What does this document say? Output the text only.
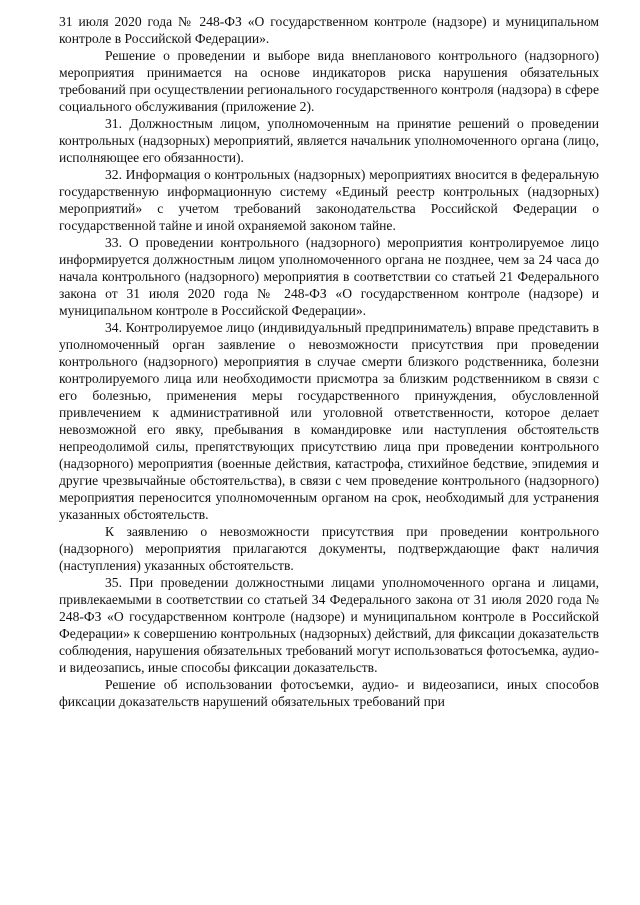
31 июля 2020 года № 248-ФЗ «О государственном контроле (надзоре) и муниципальном контроле в Российской Федерации».

Решение о проведении и выборе вида внепланового контрольного (надзорного) мероприятия принимается на основе индикаторов риска нарушения обязательных требований при осуществлении регионального государственного контроля (надзора) в сфере социального обслуживания (приложение 2).

31. Должностным лицом, уполномоченным на принятие решений о проведении контрольных (надзорных) мероприятий, является начальник уполномоченного органа (лицо, исполняющее его обязанности).

32. Информация о контрольных (надзорных) мероприятиях вносится в федеральную государственную информационную систему «Единый реестр контрольных (надзорных) мероприятий» с учетом требований законодательства Российской Федерации о государственной тайне и иной охраняемой законом тайне.

33. О проведении контрольного (надзорного) мероприятия контролируемое лицо информируется должностным лицом уполномоченного органа не позднее, чем за 24 часа до начала контрольного (надзорного) мероприятия в соответствии со статьей 21 Федерального закона от 31 июля 2020 года № 248-ФЗ «О государственном контроле (надзоре) и муниципальном контроле в Российской Федерации».

34. Контролируемое лицо (индивидуальный предприниматель) вправе представить в уполномоченный орган заявление о невозможности присутствия при проведении контрольного (надзорного) мероприятия в случае смерти близкого родственника, болезни контролируемого лица или необходимости присмотра за близким родственником в связи с его болезнью, применения меры государственного принуждения, обусловленной привлечением к административной или уголовной ответственности, которое делает невозможной его явку, пребывания в командировке или наступления обстоятельств непреодолимой силы, препятствующих присутствию лица при проведении контрольного (надзорного) мероприятия (военные действия, катастрофа, стихийное бедствие, эпидемия и другие чрезвычайные обстоятельства), в связи с чем проведение контрольного (надзорного) мероприятия переносится уполномоченным органом на срок, необходимый для устранения указанных обстоятельств.

К заявлению о невозможности присутствия при проведении контрольного (надзорного) мероприятия прилагаются документы, подтверждающие факт наличия (наступления) указанных обстоятельств.

35. При проведении должностными лицами уполномоченного органа и лицами, привлекаемыми в соответствии со статьей 34 Федерального закона от 31 июля 2020 года № 248-ФЗ «О государственном контроле (надзоре) и муниципальном контроле в Российской Федерации» к совершению контрольных (надзорных) действий, для фиксации доказательств соблюдения, нарушения обязательных требований могут использоваться фотосъемка, аудио- и видеозапись, иные способы фиксации доказательств.

Решение об использовании фотосъемки, аудио- и видеозаписи, иных способов фиксации доказательств нарушений обязательных требований при
